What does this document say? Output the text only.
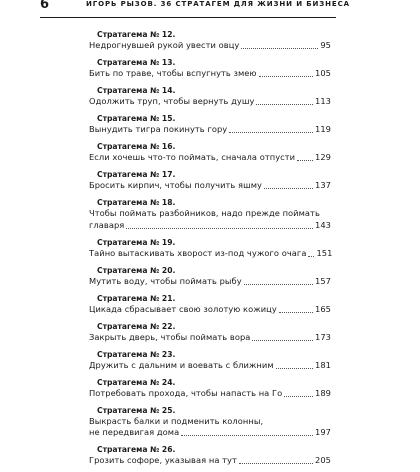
6	ИГОРЬ РЫЗОВ. 36 СТРАТАГЕМ ДЛЯ ЖИЗНИ И БИЗНЕСА
Стратагема № 12.
Недрогнувшей рукой увести овцу	95
Стратагема № 13.
Бить по траве, чтобы вспугнуть змею	105
Стратагема № 14.
Одолжить труп, чтобы вернуть душу	113
Стратагема № 15.
Вынудить тигра покинуть гору	119
Стратагема № 16.
Если хочешь что-то поймать, сначала отпусти 129
Стратагема № 17.
Бросить кирпич, чтобы получить яшму	137
Стратагема № 18.
Чтобы поймать разбойников, надо прежде поймать
главаря	143
Стратагема № 19.
Тайно вытаскивать хворост из-под чужого очага 151
Стратагема № 20.
Мутить воду, чтобы поймать рыбу	157
Стратагема № 21.
Цикада сбрасывает свою золотую кожицу	165
Стратагема № 22.
Закрыть дверь, чтобы поймать вора	173
Стратагема № 23.
Дружить с дальним и воевать с ближним	181
Стратагема № 24.
Потребовать прохода, чтобы напасть на Го	189
Стратагема № 25.
Выкрасть балки и подменить колонны,
не передвигая дома	197
Стратагема № 26.
Грозить софоре, указывая на тут	205
